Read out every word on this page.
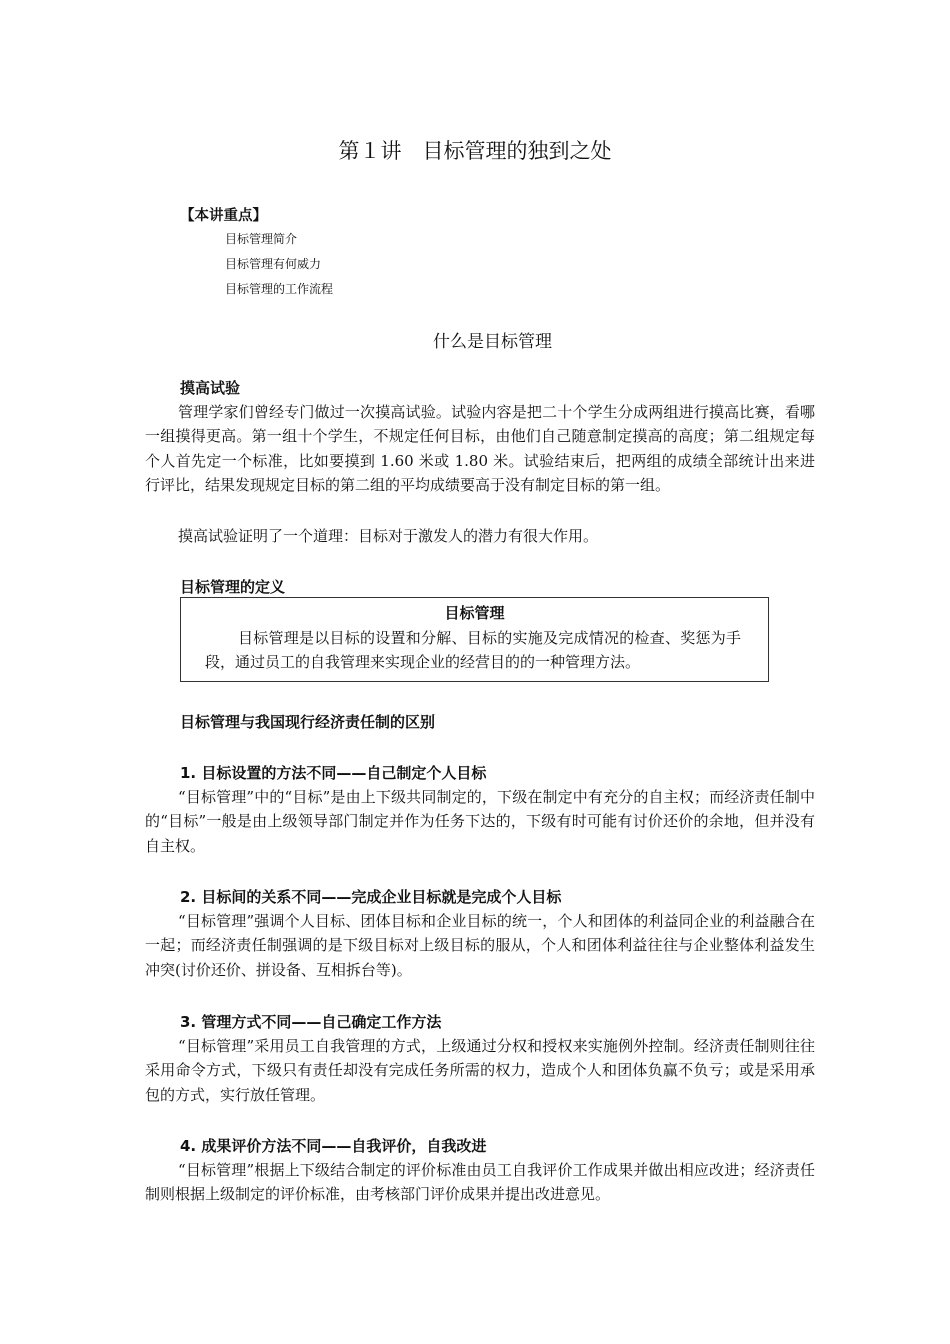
第１讲　目标管理的独到之处
【本讲重点】
目标管理简介
目标管理有何威力
目标管理的工作流程
什么是目标管理
摸高试验

管理学家们曾经专门做过一次摸高试验。试验内容是把二十个学生分成两组进行摸高比赛，看哪一组摸得更高。第一组十个学生，不规定任何目标，由他们自己随意制定摸高的高度；第二组规定每个人首先定一个标准，比如要摸到 1.60 米或 1.80 米。试验结束后，把两组的成绩全部统计出来进行评比，结果发现规定目标的第二组的平均成绩要高于没有制定目标的第一组。

摸高试验证明了一个道理：目标对于激发人的潜力有很大作用。

目标管理的定义
目标管理

目标管理是以目标的设置和分解、目标的实施及完成情况的检查、奖惩为手段，通过员工的自我管理来实现企业的经营目的的一种管理方法。

目标管理与我国现行经济责任制的区别
1. 目标设置的方法不同——自己制定个人目标

“目标管理”中的“目标”是由上下级共同制定的，下级在制定中有充分的自主权；而经济责任制中的“目标”一般是由上级领导部门制定并作为任务下达的，下级有时可能有讨价还价的余地，但并没有自主权。

2. 目标间的关系不同——完成企业目标就是完成个人目标

“目标管理”强调个人目标、团体目标和企业目标的统一，个人和团体的利益同企业的利益融合在一起；而经济责任制强调的是下级目标对上级目标的服从，个人和团体利益往往与企业整体利益发生冲突(讨价还价、拼设备、互相拆台等)。

3. 管理方式不同——自己确定工作方法

“目标管理”采用员工自我管理的方式，上级通过分权和授权来实施例外控制。经济责任制则往往采用命令方式，下级只有责任却没有完成任务所需的权力，造成个人和团体负赢不负亏；或是采用承包的方式，实行放任管理。

4. 成果评价方法不同——自我评价，自我改进

“目标管理”根据上下级结合制定的评价标准由员工自我评价工作成果并做出相应改进；经济责任制则根据上级制定的评价标准，由考核部门评价成果并提出改进意见。
